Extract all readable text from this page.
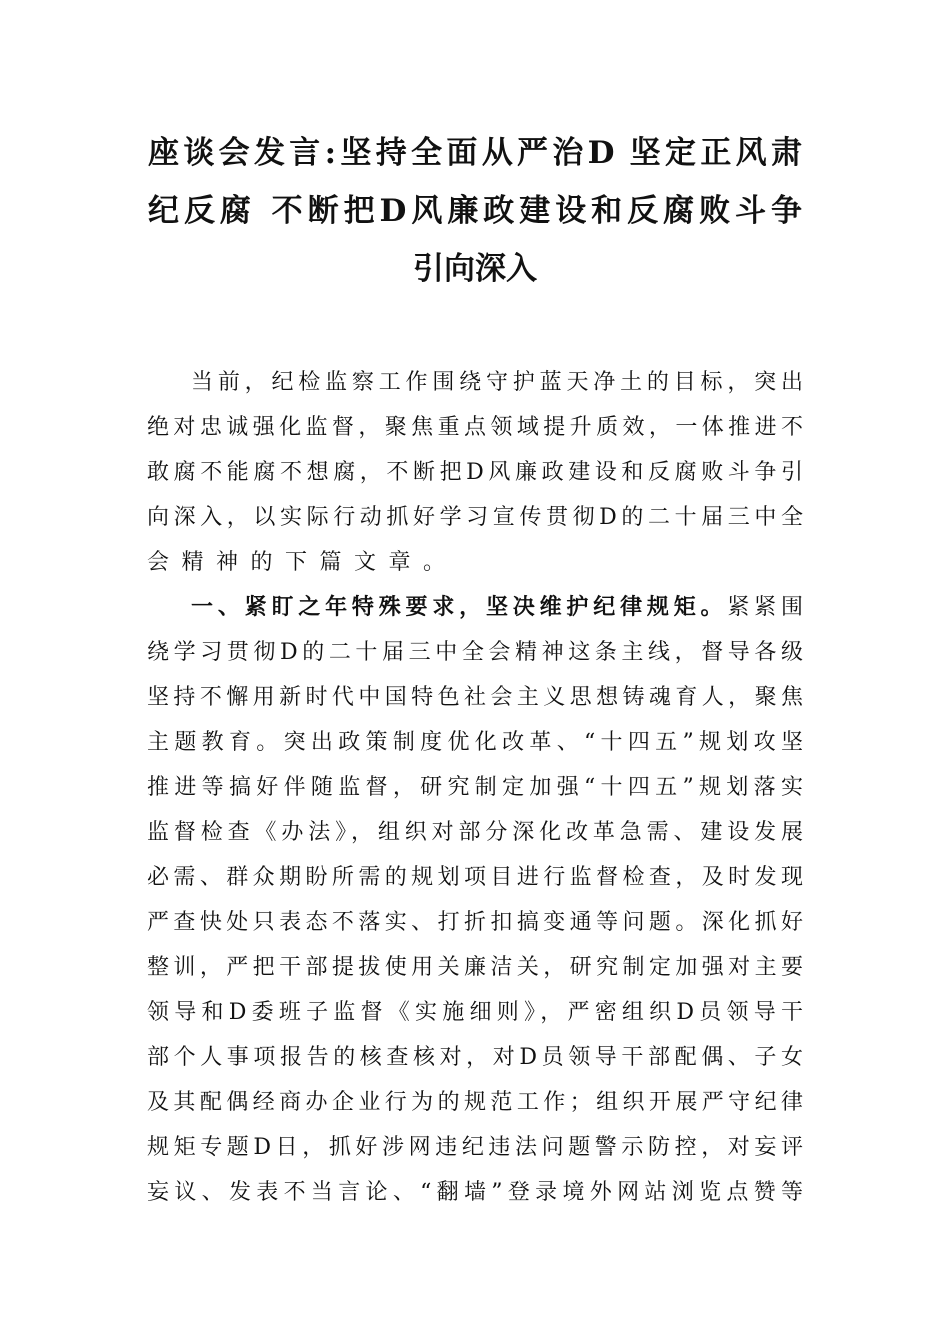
座谈会发言:坚持全面从严治D 坚定正风肃
纪反腐 不断把D风廉政建设和反腐败斗争
引向深入
当前，纪检监察工作围绕守护蓝天净土的目标，突出
绝对忠诚强化监督，聚焦重点领域提升质效，一体推进不
敢腐不能腐不想腐，不断把D风廉政建设和反腐败斗争引
向深入，以实际行动抓好学习宣传贯彻D的二十届三中全
会精神的下篇文章。
一、紧盯之年特殊要求，坚决维护纪律规矩。紧紧围
绕学习贯彻D的二十届三中全会精神这条主线，督导各级
坚持不懈用新时代中国特色社会主义思想铸魂育人，聚焦
主题教育。突出政策制度优化改革、“十四五”规划攻坚
推进等搞好伴随监督，研究制定加强“十四五”规划落实
监督检查《办法》，组织对部分深化改革急需、建设发展
必需、群众期盼所需的规划项目进行监督检查，及时发现
严查快处只表态不落实、打折扣搞变通等问题。深化抓好
整训，严把干部提拔使用关廉洁关，研究制定加强对主要
领导和D委班子监督《实施细则》，严密组织D员领导干
部个人事项报告的核查核对，对D员领导干部配偶、子女
及其配偶经商办企业行为的规范工作；组织开展严守纪律
规矩专题D日，抓好涉网违纪违法问题警示防控，对妄评
妄议、发表不当言论、“翻墙”登录境外网站浏览点赞等
